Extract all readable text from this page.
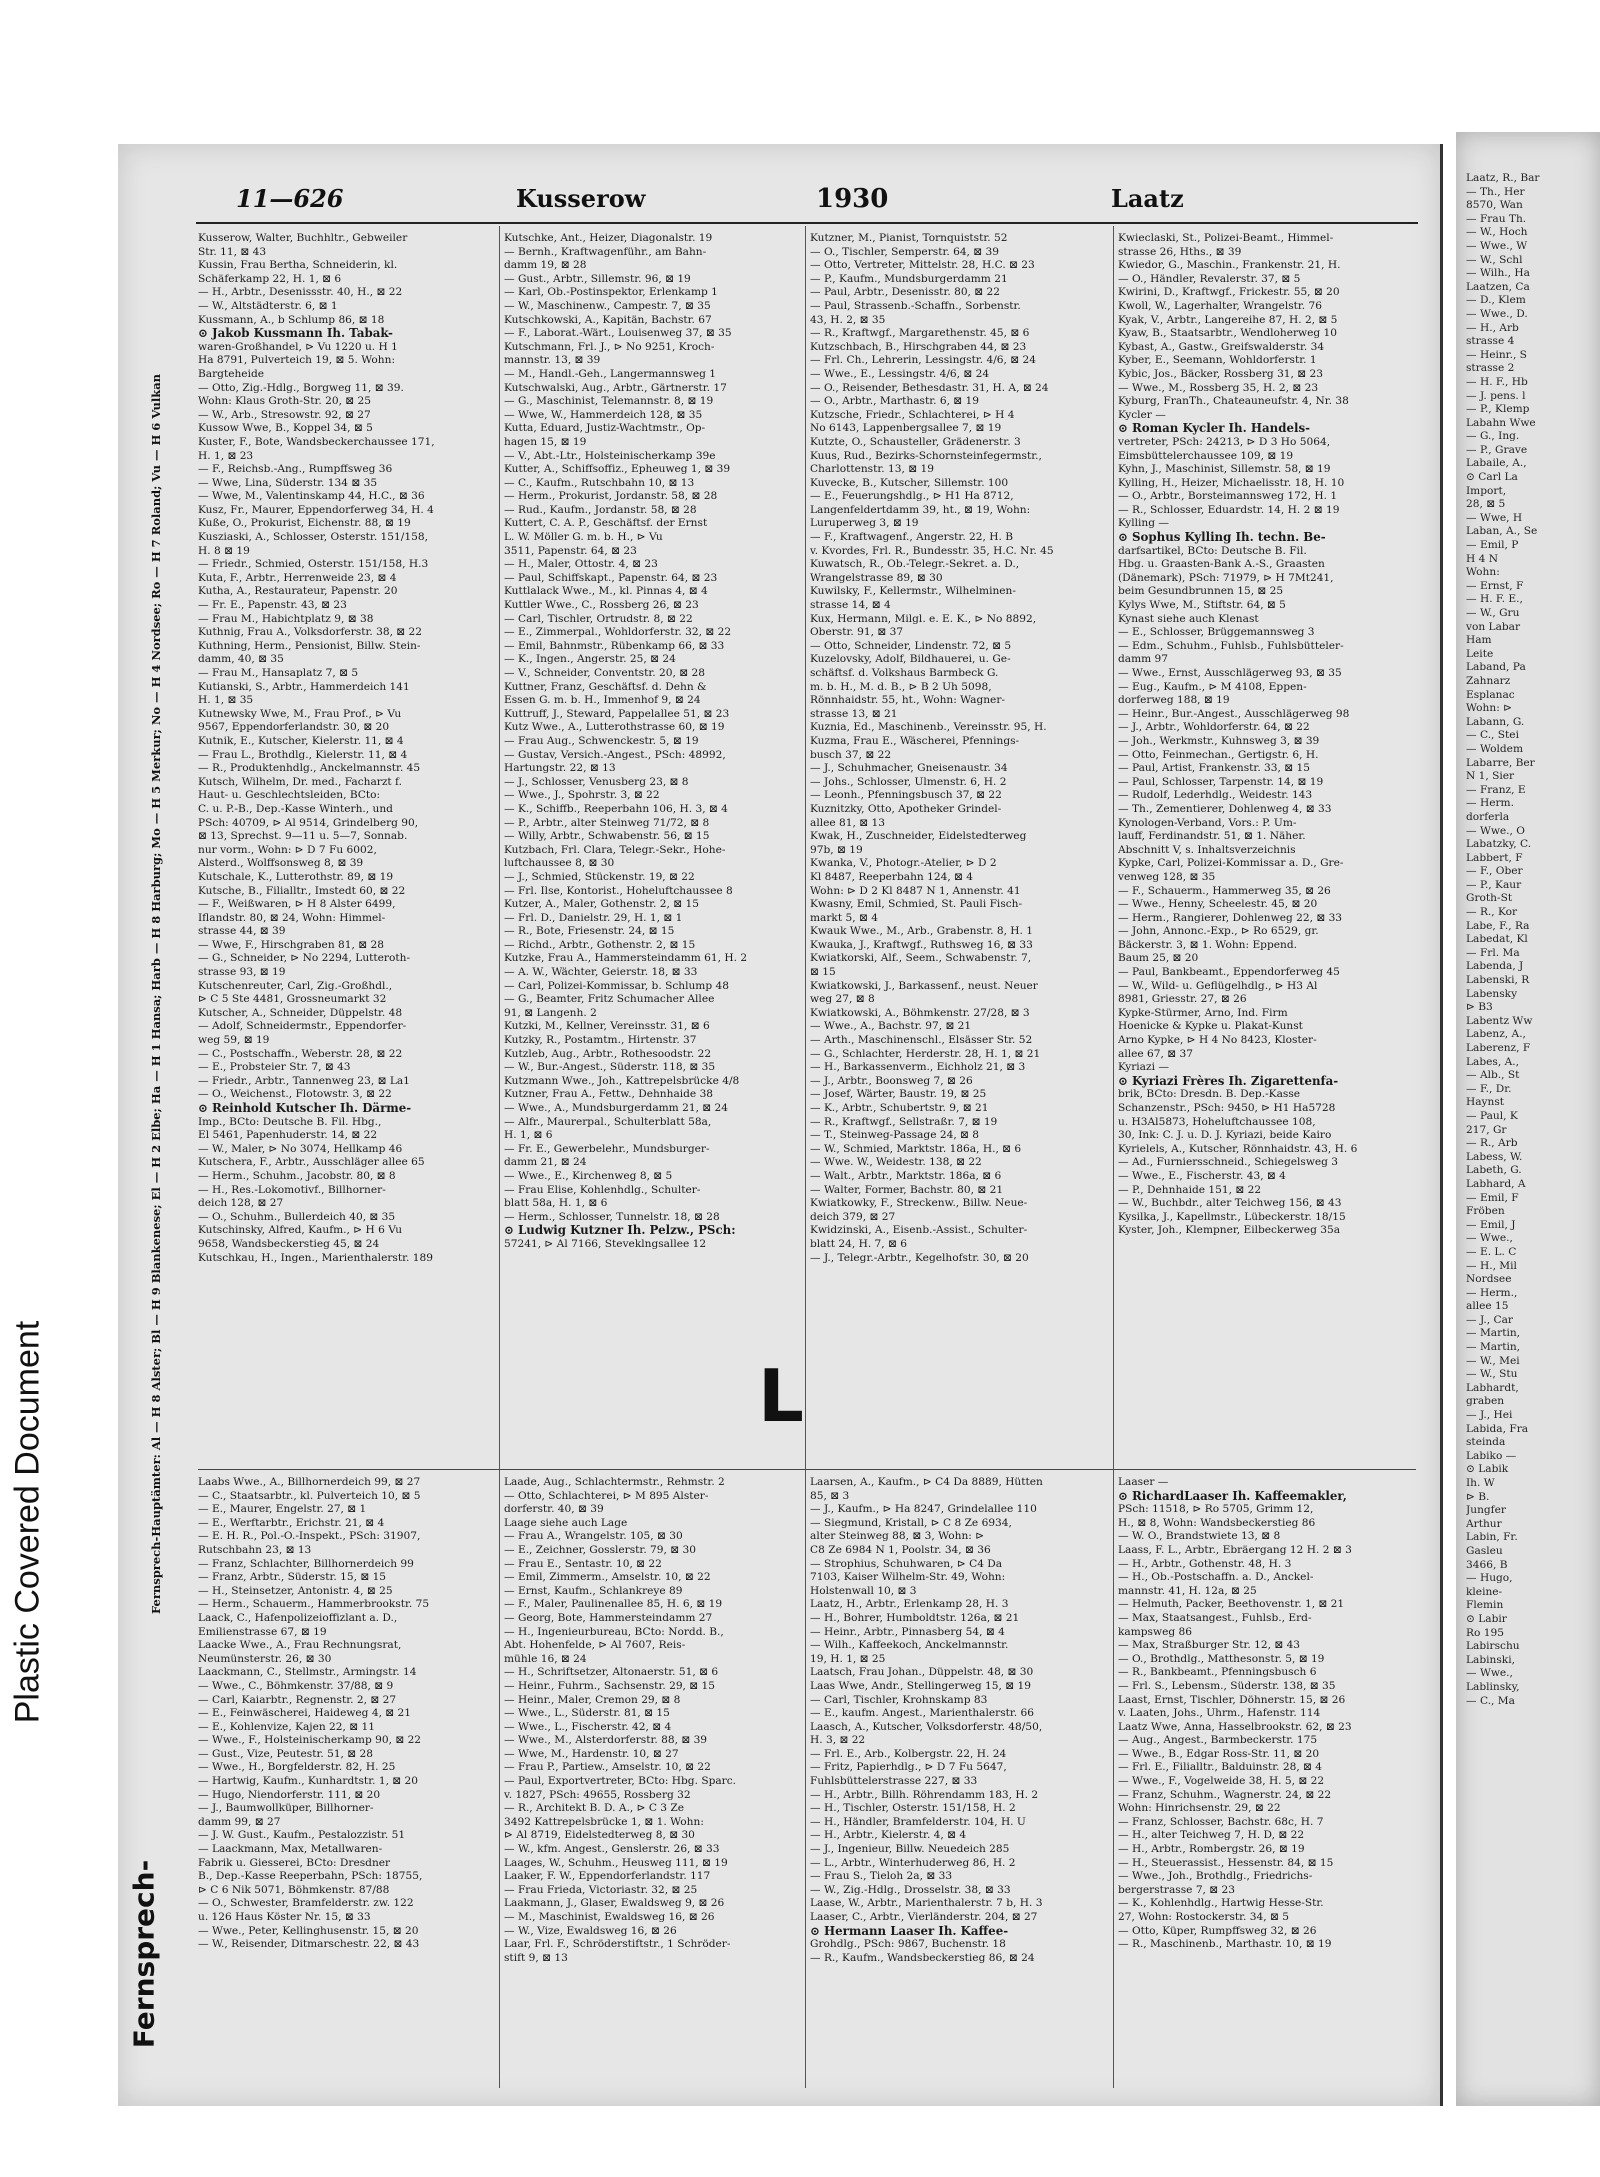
Plastic Covered Document
11—626	Kusserow	1930	Laatz
Fernsprech-Hauptämter: Al — H 8 Alster; Bl — H 9 Blankenese; El — H 2 Elbe; Ha — H 1 Hansa; Harb — H 8 Harburg; Mo — H 5 Merkur; No — H 4 Nordsee; Ro — H 7 Roland; Vu — H 6 Vulkan
Fernsprech-
Kusserow, Walter, Buchhltr., Gebweiler
Str. 11, ⊠ 43
Kussin, Frau Bertha, Schneiderin, kl.
Schäferkamp 22, H. 1, ⊠ 6
— H., Arbtr., Desenissstr. 40, H., ⊠ 22
— W., Altstädterstr. 6, ⊠ 1
Kussmann, A., b Schlump 86, ⊠ 18
⊙ Jakob Kussmann Ih. Tabak-
waren-Großhandel, ⊳ Vu 1220 u. H 1
Ha 8791, Pulverteich 19, ⊠ 5. Wohn:
Bargteheide
— Otto, Zig.-Hdlg., Borgweg 11, ⊠ 39.
Wohn: Klaus Groth-Str. 20, ⊠ 25
— W., Arb., Stresowstr. 92, ⊠ 27
Kussow Wwe, B., Koppel 34, ⊠ 5
Kuster, F., Bote, Wandsbeckerchaussee 171,
H. 1, ⊠ 23
— F., Reichsb.-Ang., Rumpffsweg 36
— Wwe, Lina, Süderstr. 134 ⊠ 35
— Wwe, M., Valentinskamp 44, H.C., ⊠ 36
Kusz, Fr., Maurer, Eppendorferweg 34, H. 4
Kuße, O., Prokurist, Eichenstr. 88, ⊠ 19
Kusziaski, A., Schlosser, Osterstr. 151/158,
H. 8 ⊠ 19
— Friedr., Schmied, Osterstr. 151/158, H.3
Kuta, F., Arbtr., Herrenweide 23, ⊠ 4
Kutha, A., Restaurateur, Papenstr. 20
— Fr. E., Papenstr. 43, ⊠ 23
— Frau M., Habichtplatz 9, ⊠ 38
Kuthnig, Frau A., Volksdorferstr. 38, ⊠ 22
Kuthning, Herm., Pensionist, Billw. Stein-
damm, 40, ⊠ 35
— Frau M., Hansaplatz 7, ⊠ 5
Kutianski, S., Arbtr., Hammerdeich 141
H. 1, ⊠ 35
Kutnewsky Wwe, M., Frau Prof., ⊳ Vu
9567, Eppendorferlandstr. 30, ⊠ 20
Kutnik, E., Kutscher, Kielerstr. 11, ⊠ 4
— Frau L., Brothdlg., Kielerstr. 11, ⊠ 4
— R., Produktenhdlg., Anckelmannstr. 45
Kutsch, Wilhelm, Dr. med., Facharzt f.
Haut- u. Geschlechtsleiden, BCto:
C. u. P.-B., Dep.-Kasse Winterh., und
PSch: 40709, ⊳ Al 9514, Grindelberg 90,
⊠ 13, Sprechst. 9—11 u. 5—7, Sonnab.
nur vorm., Wohn: ⊳ D 7 Fu 6002,
Alsterd., Wolffsonsweg 8, ⊠ 39
Kutschale, K., Lutterothstr. 89, ⊠ 19
Kutsche, B., Filialltr., Imstedt 60, ⊠ 22
— F., Weißwaren, ⊳ H 8 Alster 6499,
Iflandstr. 80, ⊠ 24, Wohn: Himmel-
strasse 44, ⊠ 39
— Wwe, F., Hirschgraben 81, ⊠ 28
— G., Schneider, ⊳ No 2294, Lutteroth-
strasse 93, ⊠ 19
Kutschenreuter, Carl, Zig.-Großhdl.,
⊳ C 5 Ste 4481, Grossneumarkt 32
Kutscher, A., Schneider, Düppelstr. 48
— Adolf, Schneidermstr., Eppendorfer-
weg 59, ⊠ 19
— C., Postschaffn., Weberstr. 28, ⊠ 22
— E., Probsteier Str. 7, ⊠ 43
— Friedr., Arbtr., Tannenweg 23, ⊠ La1
— O., Weichenst., Flotowstr. 3, ⊠ 22
⊙ Reinhold Kutscher Ih. Därme-
Imp., BCto: Deutsche B. Fil. Hbg.,
El 5461, Papenhuderstr. 14, ⊠ 22
— W., Maler, ⊳ No 3074, Hellkamp 46
Kutschera, F., Arbtr., Ausschläger allee 65
— Herm., Schuhm., Jacobstr. 80, ⊠ 8
— H., Res.-Lokomotivf., Billhorner-
deich 128, ⊠ 27
— O., Schuhm., Bullerdeich 40, ⊠ 35
Kutschinsky, Alfred, Kaufm., ⊳ H 6 Vu
9658, Wandsbeckerstieg 45, ⊠ 24
Kutschkau, H., Ingen., Marienthalerstr. 189
Kutschke, Ant., Heizer, Diagonalstr. 19
— Bernh., Kraftwagenführ., am Bahn-
damm 19, ⊠ 28
— Gust., Arbtr., Sillemstr. 96, ⊠ 19
— Karl, Ob.-Postinspektor, Erlenkamp 1
— W., Maschinenw., Campestr. 7, ⊠ 35
Kutschkowski, A., Kapitän, Bachstr. 67
— F., Laborat.-Wärt., Louisenweg 37, ⊠ 35
Kutschmann, Frl. J., ⊳ No 9251, Kroch-
mannstr. 13, ⊠ 39
— M., Handl.-Geh., Langermannsweg 1
Kutschwalski, Aug., Arbtr., Gärtnerstr. 17
— G., Maschinist, Telemannstr. 8, ⊠ 19
— Wwe, W., Hammerdeich 128, ⊠ 35
Kutta, Eduard, Justiz-Wachtmstr., Op-
hagen 15, ⊠ 19
— V., Abt.-Ltr., Holsteinischerkamp 39e
Kutter, A., Schiffsoffiz., Epheuweg 1, ⊠ 39
— C., Kaufm., Rutschbahn 10, ⊠ 13
— Herm., Prokurist, Jordanstr. 58, ⊠ 28
— Rud., Kaufm., Jordanstr. 58, ⊠ 28
Kuttert, C. A. P., Geschäftsf. der Ernst
L. W. Möller G. m. b. H., ⊳ Vu
3511, Papenstr. 64, ⊠ 23
— H., Maler, Ottostr. 4, ⊠ 23
— Paul, Schiffskapt., Papenstr. 64, ⊠ 23
Kuttlalack Wwe., M., kl. Pinnas 4, ⊠ 4
Kuttler Wwe., C., Rossberg 26, ⊠ 23
— Carl, Tischler, Ortrudstr. 8, ⊠ 22
— E., Zimmerpal., Wohldorferstr. 32, ⊠ 22
— Emil, Bahnmstr., Rübenkamp 66, ⊠ 33
— K., Ingen., Angerstr. 25, ⊠ 24
— V., Schneider, Conventstr. 20, ⊠ 28
Kuttner, Franz, Geschäftsf. d. Dehn &
Essen G. m. b. H., Immenhof 9, ⊠ 24
Kuttruff, J., Steward, Pappelallee 51, ⊠ 23
Kutz Wwe., A., Lutterothstrasse 60, ⊠ 19
— Frau Aug., Schwenckestr. 5, ⊠ 19
— Gustav, Versich.-Angest., PSch: 48992,
Hartungstr. 22, ⊠ 13
— J., Schlosser, Venusberg 23, ⊠ 8
— Wwe., J., Spohrstr. 3, ⊠ 22
— K., Schiffb., Reeperbahn 106, H. 3, ⊠ 4
— P., Arbtr., alter Steinweg 71/72, ⊠ 8
— Willy, Arbtr., Schwabenstr. 56, ⊠ 15
Kutzbach, Frl. Clara, Telegr.-Sekr., Hohe-
luftchaussee 8, ⊠ 30
— J., Schmied, Stückenstr. 19, ⊠ 22
— Frl. Ilse, Kontorist., Hoheluftchaussee 8
Kutzer, A., Maler, Gothenstr. 2, ⊠ 15
— Frl. D., Danielstr. 29, H. 1, ⊠ 1
— R., Bote, Friesenstr. 24, ⊠ 15
— Richd., Arbtr., Gothenstr. 2, ⊠ 15
Kutzke, Frau A., Hammersteindamm 61, H. 2
— A. W., Wächter, Geierstr. 18, ⊠ 33
— Carl, Polizei-Kommissar, b. Schlump 48
— G., Beamter, Fritz Schumacher Allee
91, ⊠ Langenh. 2
Kutzki, M., Kellner, Vereinsstr. 31, ⊠ 6
Kutzky, R., Postamtm., Hirtenstr. 37
Kutzleb, Aug., Arbtr., Rothesoodstr. 22
— W., Bur.-Angest., Süderstr. 118, ⊠ 35
Kutzmann Wwe., Joh., Kattrepelsbrücke 4/8
Kutzner, Frau A., Fettw., Dehnhaide 38
— Wwe., A., Mundsburgerdamm 21, ⊠ 24
— Alfr., Maurerpal., Schulterblatt 58a,
H. 1, ⊠ 6
— Fr. E., Gewerbelehr., Mundsburger-
damm 21, ⊠ 24
— Wwe., E., Kirchenweg 8, ⊠ 5
— Frau Elise, Kohlenhdlg., Schulter-
blatt 58a, H. 1, ⊠ 6
— Herm., Schlosser, Tunnelstr. 18, ⊠ 28
⊙ Ludwig Kutzner Ih. Pelzw., PSch:
57241, ⊳ Al 7166, Steveklngsallee 12
Kutzner, M., Pianist, Tornquiststr. 52
— O., Tischler, Semperstr. 64, ⊠ 39
— Otto, Vertreter, Mittelstr. 28, H.C. ⊠ 23
— P., Kaufm., Mundsburgerdamm 21
— Paul, Arbtr., Desenisstr. 80, ⊠ 22
— Paul, Strassenb.-Schaffn., Sorbenstr.
43, H. 2, ⊠ 35
— R., Kraftwgf., Margarethenstr. 45, ⊠ 6
Kutzschbach, B., Hirschgraben 44, ⊠ 23
— Frl. Ch., Lehrerin, Lessingstr. 4/6, ⊠ 24
— Wwe., E., Lessingstr. 4/6, ⊠ 24
— O., Reisender, Bethesdastr. 31, H. A, ⊠ 24
— O., Arbtr., Marthastr. 6, ⊠ 19
Kutzsche, Friedr., Schlachterei, ⊳ H 4
No 6143, Lappenbergsallee 7, ⊠ 19
Kutzte, O., Schausteller, Grädenerstr. 3
Kuus, Rud., Bezirks-Schornsteinfegermstr.,
Charlottenstr. 13, ⊠ 19
Kuvecke, B., Kutscher, Sillemstr. 100
— E., Feuerungshdlg., ⊳ H1 Ha 8712,
Langenfeldertdamm 39, ht., ⊠ 19, Wohn:
Luruperweg 3, ⊠ 19
— F., Kraftwagenf., Angerstr. 22, H. B
v. Kvordes, Frl. R., Bundesstr. 35, H.C. Nr. 45
Kuwatsch, R., Ob.-Telegr.-Sekret. a. D.,
Wrangelstrasse 89, ⊠ 30
Kuwilsky, F., Kellermstr., Wilhelminen-
strasse 14, ⊠ 4
Kux, Hermann, Milgl. e. E. K., ⊳ No 8892,
Oberstr. 91, ⊠ 37
— Otto, Schneider, Lindenstr. 72, ⊠ 5
Kuzelovsky, Adolf, Bildhauerei, u. Ge-
schäftsf. d. Volkshaus Barmbeck G.
m. b. H., M. d. B., ⊳ B 2 Uh 5098,
Rönnhaidstr. 55, ht., Wohn: Wagner-
strasse 13, ⊠ 21
Kuznia, Ed., Maschinenb., Vereinsstr. 95, H.
Kuzma, Frau E., Wäscherei, Pfennings-
busch 37, ⊠ 22
— J., Schuhmacher, Gneisenaustr. 34
— Johs., Schlosser, Ulmenstr. 6, H. 2
— Leonh., Pfenningsbusch 37, ⊠ 22
Kuznitzky, Otto, Apotheker Grindel-
allee 81, ⊠ 13
Kwak, H., Zuschneider, Eidelstedterweg
97b, ⊠ 19
Kwanka, V., Photogr.-Atelier, ⊳ D 2
Kl 8487, Reeperbahn 124, ⊠ 4
Wohn: ⊳ D 2 Kl 8487 N 1, Annenstr. 41
Kwasny, Emil, Schmied, St. Pauli Fisch-
markt 5, ⊠ 4
Kwauk Wwe., M., Arb., Grabenstr. 8, H. 1
Kwauka, J., Kraftwgf., Ruthsweg 16, ⊠ 33
Kwiatkorski, Alf., Seem., Schwabenstr. 7,
⊠ 15
Kwiatkowski, J., Barkassenf., neust. Neuer
weg 27, ⊠ 8
Kwiatkowski, A., Böhmkenstr. 27/28, ⊠ 3
— Wwe., A., Bachstr. 97, ⊠ 21
— Arth., Maschinenschl., Elsässer Str. 52
— G., Schlachter, Herderstr. 28, H. 1, ⊠ 21
— H., Barkassenverm., Eichholz 21, ⊠ 3
— J., Arbtr., Boonsweg 7, ⊠ 26
— Josef, Wärter, Baustr. 19, ⊠ 25
— K., Arbtr., Schubertstr. 9, ⊠ 21
— R., Kraftwgf., Sellstraßr. 7, ⊠ 19
— T., Steinweg-Passage 24, ⊠ 8
— W., Schmied, Marktstr. 186a, H., ⊠ 6
— Wwe. W., Weidestr. 138, ⊠ 22
— Walt., Arbtr., Marktstr. 186a, ⊠ 6
— Walter, Former, Bachstr. 80, ⊠ 21
Kwiatkowky, F., Streckenw., Billw. Neue-
deich 379, ⊠ 27
Kwidzinski, A., Eisenb.-Assist., Schulter-
blatt 24, H. 7, ⊠ 6
— J., Telegr.-Arbtr., Kegelhofstr. 30, ⊠ 20
Kwieclaski, St., Polizei-Beamt., Himmel-
strasse 26, Hths., ⊠ 39
Kwiedor, G., Maschin., Frankenstr. 21, H.
— O., Händler, Revalerstr. 37, ⊠ 5
Kwirini, D., Kraftwgf., Frickestr. 55, ⊠ 20
Kwoll, W., Lagerhalter, Wrangelstr. 76
Kyak, V., Arbtr., Langereihe 87, H. 2, ⊠ 5
Kyaw, B., Staatsarbtr., Wendloherweg 10
Kybast, A., Gastw., Greifswalderstr. 34
Kyber, E., Seemann, Wohldorferstr. 1
Kybic, Jos., Bäcker, Rossberg 31, ⊠ 23
— Wwe., M., Rossberg 35, H. 2, ⊠ 23
Kyburg, FranTh., Chateauneufstr. 4, Nr. 38
Kycler —
⊙ Roman Kycler Ih. Handels-
vertreter, PSch: 24213, ⊳ D 3 Ho 5064,
Eimsbüttelerchaussee 109, ⊠ 19
Kyhn, J., Maschinist, Sillemstr. 58, ⊠ 19
Kylling, H., Heizer, Michaelisstr. 18, H. 10
— O., Arbtr., Borsteimannsweg 172, H. 1
— R., Schlosser, Eduardstr. 14, H. 2 ⊠ 19
Kylling —
⊙ Sophus Kylling Ih. techn. Be-
darfsartikel, BCto: Deutsche B. Fil.
Hbg. u. Graasten-Bank A.-S., Graasten
(Dänemark), PSch: 71979, ⊳ H 7Mt241,
beim Gesundbrunnen 15, ⊠ 25
Kylys Wwe, M., Stiftstr. 64, ⊠ 5
Kynast siehe auch Klenast
— E., Schlosser, Brüggemannsweg 3
— Edm., Schuhm., Fuhlsb., Fuhlsbütteler-
damm 97
— Wwe., Ernst, Ausschlägerweg 93, ⊠ 35
— Eug., Kaufm., ⊳ M 4108, Eppen-
dorferweg 188, ⊠ 19
— Heinr., Bur.-Angest., Ausschlägerweg 98
— J., Arbtr., Wohldorferstr. 64, ⊠ 22
— Joh., Werkmstr., Kuhnsweg 3, ⊠ 39
— Otto, Feinmechan., Gertigstr. 6, H.
— Paul, Artist, Frankenstr. 33, ⊠ 15
— Paul, Schlosser, Tarpenstr. 14, ⊠ 19
— Rudolf, Lederhdlg., Weidestr. 143
— Th., Zementierer, Dohlenweg 4, ⊠ 33
Kynologen-Verband, Vors.: P. Um-
lauff, Ferdinandstr. 51, ⊠ 1. Näher.
Abschnitt V, s. Inhaltsverzeichnis
Kypke, Carl, Polizei-Kommissar a. D., Gre-
venweg 128, ⊠ 35
— F., Schauerm., Hammerweg 35, ⊠ 26
— Wwe., Henny, Scheelestr. 45, ⊠ 20
— Herm., Rangierer, Dohlenweg 22, ⊠ 33
— John, Annonc.-Exp., ⊳ Ro 6529, gr.
Bäckerstr. 3, ⊠ 1. Wohn: Eppend.
Baum 25, ⊠ 20
— Paul, Bankbeamt., Eppendorferweg 45
— W., Wild- u. Geflügelhdlg., ⊳ H3 Al
8981, Griesstr. 27, ⊠ 26
Kypke-Stürmer, Arno, Ind. Firm
Hoenicke & Kypke u. Plakat-Kunst
Arno Kypke, ⊳ H 4 No 8423, Kloster-
allee 67, ⊠ 37
Kyriazi —
⊙ Kyriazi Frères Ih. Zigarettenfa-
brik, BCto: Dresdn. B. Dep.-Kasse
Schanzenstr., PSch: 9450, ⊳ H1 Ha5728
u. H3Al5873, Hoheluftchaussee 108,
30, Ink: C. J. u. D. J. Kyriazi, beide Kairo
Kyrielels, A., Kutscher, Rönnhaidstr. 43, H. 6
— Ad., Furniersschneid., Schiegelsweg 3
— Wwe., E., Fischerstr. 43, ⊠ 4
— P., Dehnhaide 151, ⊠ 22
— W., Buchbdr., alter Teichweg 156, ⊠ 43
Kysilka, J., Kapellmstr., Lübeckerstr. 18/15
Kyster, Joh., Klempner, Eilbeckerweg 35a
L
Laabs Wwe., A., Billhornerdeich 99, ⊠ 27
— C., Staatsarbtr., kl. Pulverteich 10, ⊠ 5
— E., Maurer, Engelstr. 27, ⊠ 1
— E., Werftarbtr., Erichstr. 21, ⊠ 4
— E. H. R., Pol.-O.-Inspekt., PSch: 31907,
Rutschbahn 23, ⊠ 13
— Franz, Schlachter, Billhornerdeich 99
— Franz, Arbtr., Süderstr. 15, ⊠ 15
— H., Steinsetzer, Antonistr. 4, ⊠ 25
— Herm., Schauerm., Hammerbrookstr. 75
Laack, C., Hafenpolizeioffizlant a. D.,
Emilienstrasse 67, ⊠ 19
Laacke Wwe., A., Frau Rechnungsrat,
Neumünsterstr. 26, ⊠ 30
Laackmann, C., Stellmstr., Armingstr. 14
— Wwe., C., Böhmkenstr. 37/88, ⊠ 9
— Carl, Kaiarbtr., Regnenstr. 2, ⊠ 27
— E., Feinwäscherei, Haideweg 4, ⊠ 21
— E., Kohlenvize, Kajen 22, ⊠ 11
— Wwe., F., Holsteinischerkamp 90, ⊠ 22
— Gust., Vize, Peutestr. 51, ⊠ 28
— Wwe., H., Borgfelderstr. 82, H. 25
— Hartwig, Kaufm., Kunhardtstr. 1, ⊠ 20
— Hugo, Niendorferstr. 111, ⊠ 20
— J., Baumwollküper, Billhorner-
damm 99, ⊠ 27
— J. W. Gust., Kaufm., Pestalozzistr. 51
— Laackmann, Max, Metallwaren-
Fabrik u. Giesserei, BCto: Dresdner
B., Dep.-Kasse Reeperbahn, PSch: 18755,
⊳ C 6 Nik 5071, Böhmkenstr. 87/88
— O., Schwester, Bramfelderstr. zw. 122
u. 126 Haus Köster Nr. 15, ⊠ 33
— Wwe., Peter, Kellinghusenstr. 15, ⊠ 20
— W., Reisender, Ditmarschestr. 22, ⊠ 43
Laade, Aug., Schlachtermstr., Rehmstr. 2
— Otto, Schlachterei, ⊳ M 895 Alster-
dorferstr. 40, ⊠ 39
Laage siehe auch Lage
— Frau A., Wrangelstr. 105, ⊠ 30
— E., Zeichner, Gosslerstr. 79, ⊠ 30
— Frau E., Sentastr. 10, ⊠ 22
— Emil, Zimmerm., Amselstr. 10, ⊠ 22
— Ernst, Kaufm., Schlankreye 89
— F., Maler, Paulinenallee 85, H. 6, ⊠ 19
— Georg, Bote, Hammersteindamm 27
— H., Ingenieurbureau, BCto: Nordd. B.,
Abt. Hohenfelde, ⊳ Al 7607, Reis-
mühle 16, ⊠ 24
— H., Schriftsetzer, Altonaerstr. 51, ⊠ 6
— Heinr., Fuhrm., Sachsenstr. 29, ⊠ 15
— Heinr., Maler, Cremon 29, ⊠ 8
— Wwe., L., Süderstr. 81, ⊠ 15
— Wwe., L., Fischerstr. 42, ⊠ 4
— Wwe., M., Alsterdorferstr. 88, ⊠ 39
— Wwe, M., Hardenstr. 10, ⊠ 27
— Frau P., Partiew., Amselstr. 10, ⊠ 22
— Paul, Exportvertreter, BCto: Hbg. Sparc.
v. 1827, PSch: 49655, Rossberg 32
— R., Architekt B. D. A., ⊳ C 3 Ze
3492 Kattrepelsbrücke 1, ⊠ 1. Wohn:
⊳ Al 8719, Eidelstedterweg 8, ⊠ 30
— W., kfm. Angest., Genslerstr. 26, ⊠ 33
Laages, W., Schuhm., Heusweg 111, ⊠ 19
Laaker, F. W., Eppendorferlandstr. 117
— Frau Frieda, Victoriastr. 32, ⊠ 25
Laakmann, J., Glaser, Ewaldsweg 9, ⊠ 26
— M., Maschinist, Ewaldsweg 16, ⊠ 26
— W., Vize, Ewaldsweg 16, ⊠ 26
Laar, Frl. F., Schröderstiftstr., 1 Schröder-
stift 9, ⊠ 13
Laarsen, A., Kaufm., ⊳ C4 Da 8889, Hütten
85, ⊠ 3
— J., Kaufm., ⊳ Ha 8247, Grindelallee 110
— Siegmund, Kristall, ⊳ C 8 Ze 6934,
alter Steinweg 88, ⊠ 3, Wohn: ⊳
C8 Ze 6984 N 1, Poolstr. 34, ⊠ 36
— Strophius, Schuhwaren, ⊳ C4 Da
7103, Kaiser Wilhelm-Str. 49, Wohn:
Holstenwall 10, ⊠ 3
Laatz, H., Arbtr., Erlenkamp 28, H. 3
— H., Bohrer, Humboldtstr. 126a, ⊠ 21
— Heinr., Arbtr., Pinnasberg 54, ⊠ 4
— Wilh., Kaffeekoch, Anckelmannstr.
19, H. 1, ⊠ 25
Laatsch, Frau Johan., Düppelstr. 48, ⊠ 30
Laas Wwe, Andr., Stellingerweg 15, ⊠ 19
— Carl, Tischler, Krohnskamp 83
— E., kaufm. Angest., Marienthalerstr. 66
Laasch, A., Kutscher, Volksdorferstr. 48/50,
H. 3, ⊠ 22
— Frl. E., Arb., Kolbergstr. 22, H. 24
— Fritz, Papierhdlg., ⊳ D 7 Fu 5647,
Fuhlsbüttelerstrasse 227, ⊠ 33
— H., Arbtr., Billh. Röhrendamm 183, H. 2
— H., Tischler, Osterstr. 151/158, H. 2
— H., Händler, Bramfelderstr. 104, H. U
— H., Arbtr., Kielerstr. 4, ⊠ 4
— J., Ingenieur, Billw. Neuedeich 285
— L., Arbtr., Winterhuderweg 86, H. 2
— Frau S., Tieloh 2a, ⊠ 33
— W., Zig.-Hdlg., Drosselstr. 38, ⊠ 33
Laase, W., Arbtr., Marienthalerstr. 7 b, H. 3
Laaser, C., Arbtr., Vierländerstr. 204, ⊠ 27
⊙ Hermann Laaser Ih. Kaffee-
Grohdlg., PSch: 9867, Buchenstr. 18
— R., Kaufm., Wandsbeckerstieg 86, ⊠ 24
Laaser —
⊙ RichardLaaser Ih. Kaffeemakler,
PSch: 11518, ⊳ Ro 5705, Grimm 12,
H., ⊠ 8, Wohn: Wandsbeckerstieg 86
— W. O., Brandstwiete 13, ⊠ 8
Laass, F. L., Arbtr., Ebräergang 12 H. 2 ⊠ 3
— H., Arbtr., Gothenstr. 48, H. 3
— H., Ob.-Postschaffn. a. D., Anckel-
mannstr. 41, H. 12a, ⊠ 25
— Helmuth, Packer, Beethovenstr. 1, ⊠ 21
— Max, Staatsangest., Fuhlsb., Erd-
kampsweg 86
— Max, Straßburger Str. 12, ⊠ 43
— O., Brothdlg., Matthesonstr. 5, ⊠ 19
— R., Bankbeamt., Pfenningsbusch 6
— Frl. S., Lebensm., Süderstr. 138, ⊠ 35
Laast, Ernst, Tischler, Döhnerstr. 15, ⊠ 26
v. Laaten, Johs., Uhrm., Hafenstr. 114
Laatz Wwe, Anna, Hasselbrookstr. 62, ⊠ 23
— Aug., Angest., Barmbeckerstr. 175
— Wwe., B., Edgar Ross-Str. 11, ⊠ 20
— Frl. E., Filialltr., Balduinstr. 28, ⊠ 4
— Wwe., F., Vogelweide 38, H. 5, ⊠ 22
— Franz, Schuhm., Wagnerstr. 24, ⊠ 22
Wohn: Hinrichsenstr. 29, ⊠ 22
— Franz, Schlosser, Bachstr. 68c, H. 7
— H., alter Teichweg 7, H. D, ⊠ 22
— H., Arbtr., Rombergstr. 26, ⊠ 19
— H., Steuerassist., Hessenstr. 84, ⊠ 15
— Wwe., Joh., Brothdlg., Friedrichs-
bergerstrasse 7, ⊠ 23
— K., Kohlenhdlg., Hartwig Hesse-Str.
27, Wohn: Rostockerstr. 34, ⊠ 5
— Otto, Küper, Rumpffsweg 32, ⊠ 26
— R., Maschinenb., Marthastr. 10, ⊠ 19
Laatz, R., Bar
— Th., Her
8570, Wan
— Frau Th.
— W., Hoch
— Wwe., W
— W., Schl
— Wilh., Ha
Laatzen, Ca
— D., Klem
— Wwe., D.
— H., Arb
strasse 4
— Heinr., S
strasse 2
— H. F., Hb
— J. pens. l
— P., Klemp
Labahn Wwe
— G., Ing.
— P., Grave
Labaile, A.,
⊙ Carl La
Import,
28, ⊠ 5
— Wwe, H
Laban, A., Se
— Emil, P
H 4 N
Wohn:
— Ernst, F
— H. F. E.,
— W., Gru
von Labar
Ham
Leite
Laband, Pa
Zahnarz
Esplanac
Wohn: ⊳
Labann, G.
— C., Stei
— Woldem
Labarre, Ber
N 1, Sier
— Franz, E
— Herm.
dorferla
— Wwe., O
Labatzky, C.
Labbert, F
— F., Ober
— P., Kaur
Groth-St
— R., Kor
Labe, F., Ra
Labedat, Kl
— Frl. Ma
Labenda, J
Labenski, R
Labensky
⊳ B3
Labentz Ww
Labenz, A.,
Laberenz, F
Labes, A.,
— Alb., St
— F., Dr.
Haynst
— Paul, K
217, Gr
— R., Arb
Labess, W.
Labeth, G.
Labhard, A
— Emil, F
Fröben
— Emil, J
— Wwe.,
— E. L. C
— H., Mil
Nordsee
— Herm.,
allee 15
— J., Car
— Martin,
— Martin,
— W., Mei
— W., Stu
Labhardt,
graben
— J., Hei
Labida, Fra
steinda
Labiko —
⊙ Labik
Ih. W
⊳ B.
Jungfer
Arthur
Labin, Fr.
Gasleu
3466, B
— Hugo,
kleine-
Flemin
⊙ Labir
Ro 195
Labirschu
Labinski,
— Wwe.,
Lablinsky,
— C., Ma
